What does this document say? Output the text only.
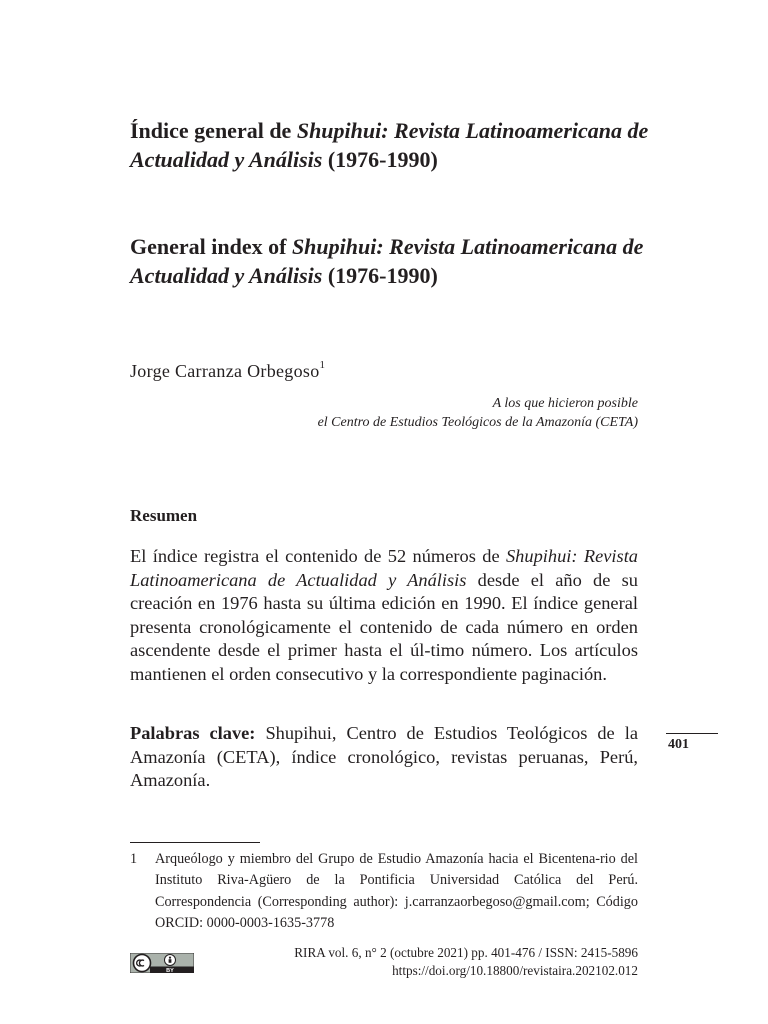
Índice general de Shupihui: Revista Latinoamericana de Actualidad y Análisis (1976-1990)
General index of Shupihui: Revista Latinoamericana de Actualidad y Análisis (1976-1990)
Jorge Carranza Orbegoso$^1$
A los que hicieron posible
el Centro de Estudios Teológicos de la Amazonía (CETA)
Resumen

El índice registra el contenido de 52 números de Shupihui: Revista Latinoamericana de Actualidad y Análisis desde el año de su creación en 1976 hasta su última edición en 1990. El índice general presenta cronológicamente el contenido de cada número en orden ascendente desde el primer hasta el úl-timo número. Los artículos mantienen el orden consecutivo y la correspondiente paginación.

Palabras clave: Shupihui, Centro de Estudios Teológicos de la Amazonía (CETA), índice cronológico, revistas peruanas, Perú, Amazonía.

401
1 Arqueólogo y miembro del Grupo de Estudio Amazonía hacia el Bicentena-rio del Instituto Riva-Agüero de la Pontificia Universidad Católica del Perú. Correspondencia (Corresponding author): j.carranzaorbegoso@gmail.com; Código ORCID: 0000-0003-1635-3778
BY
RIRA vol. 6, n° 2 (octubre 2021) pp. 401-476 / ISSN: 2415-5896
https://doi.org/10.18800/revistaira.202102.012
